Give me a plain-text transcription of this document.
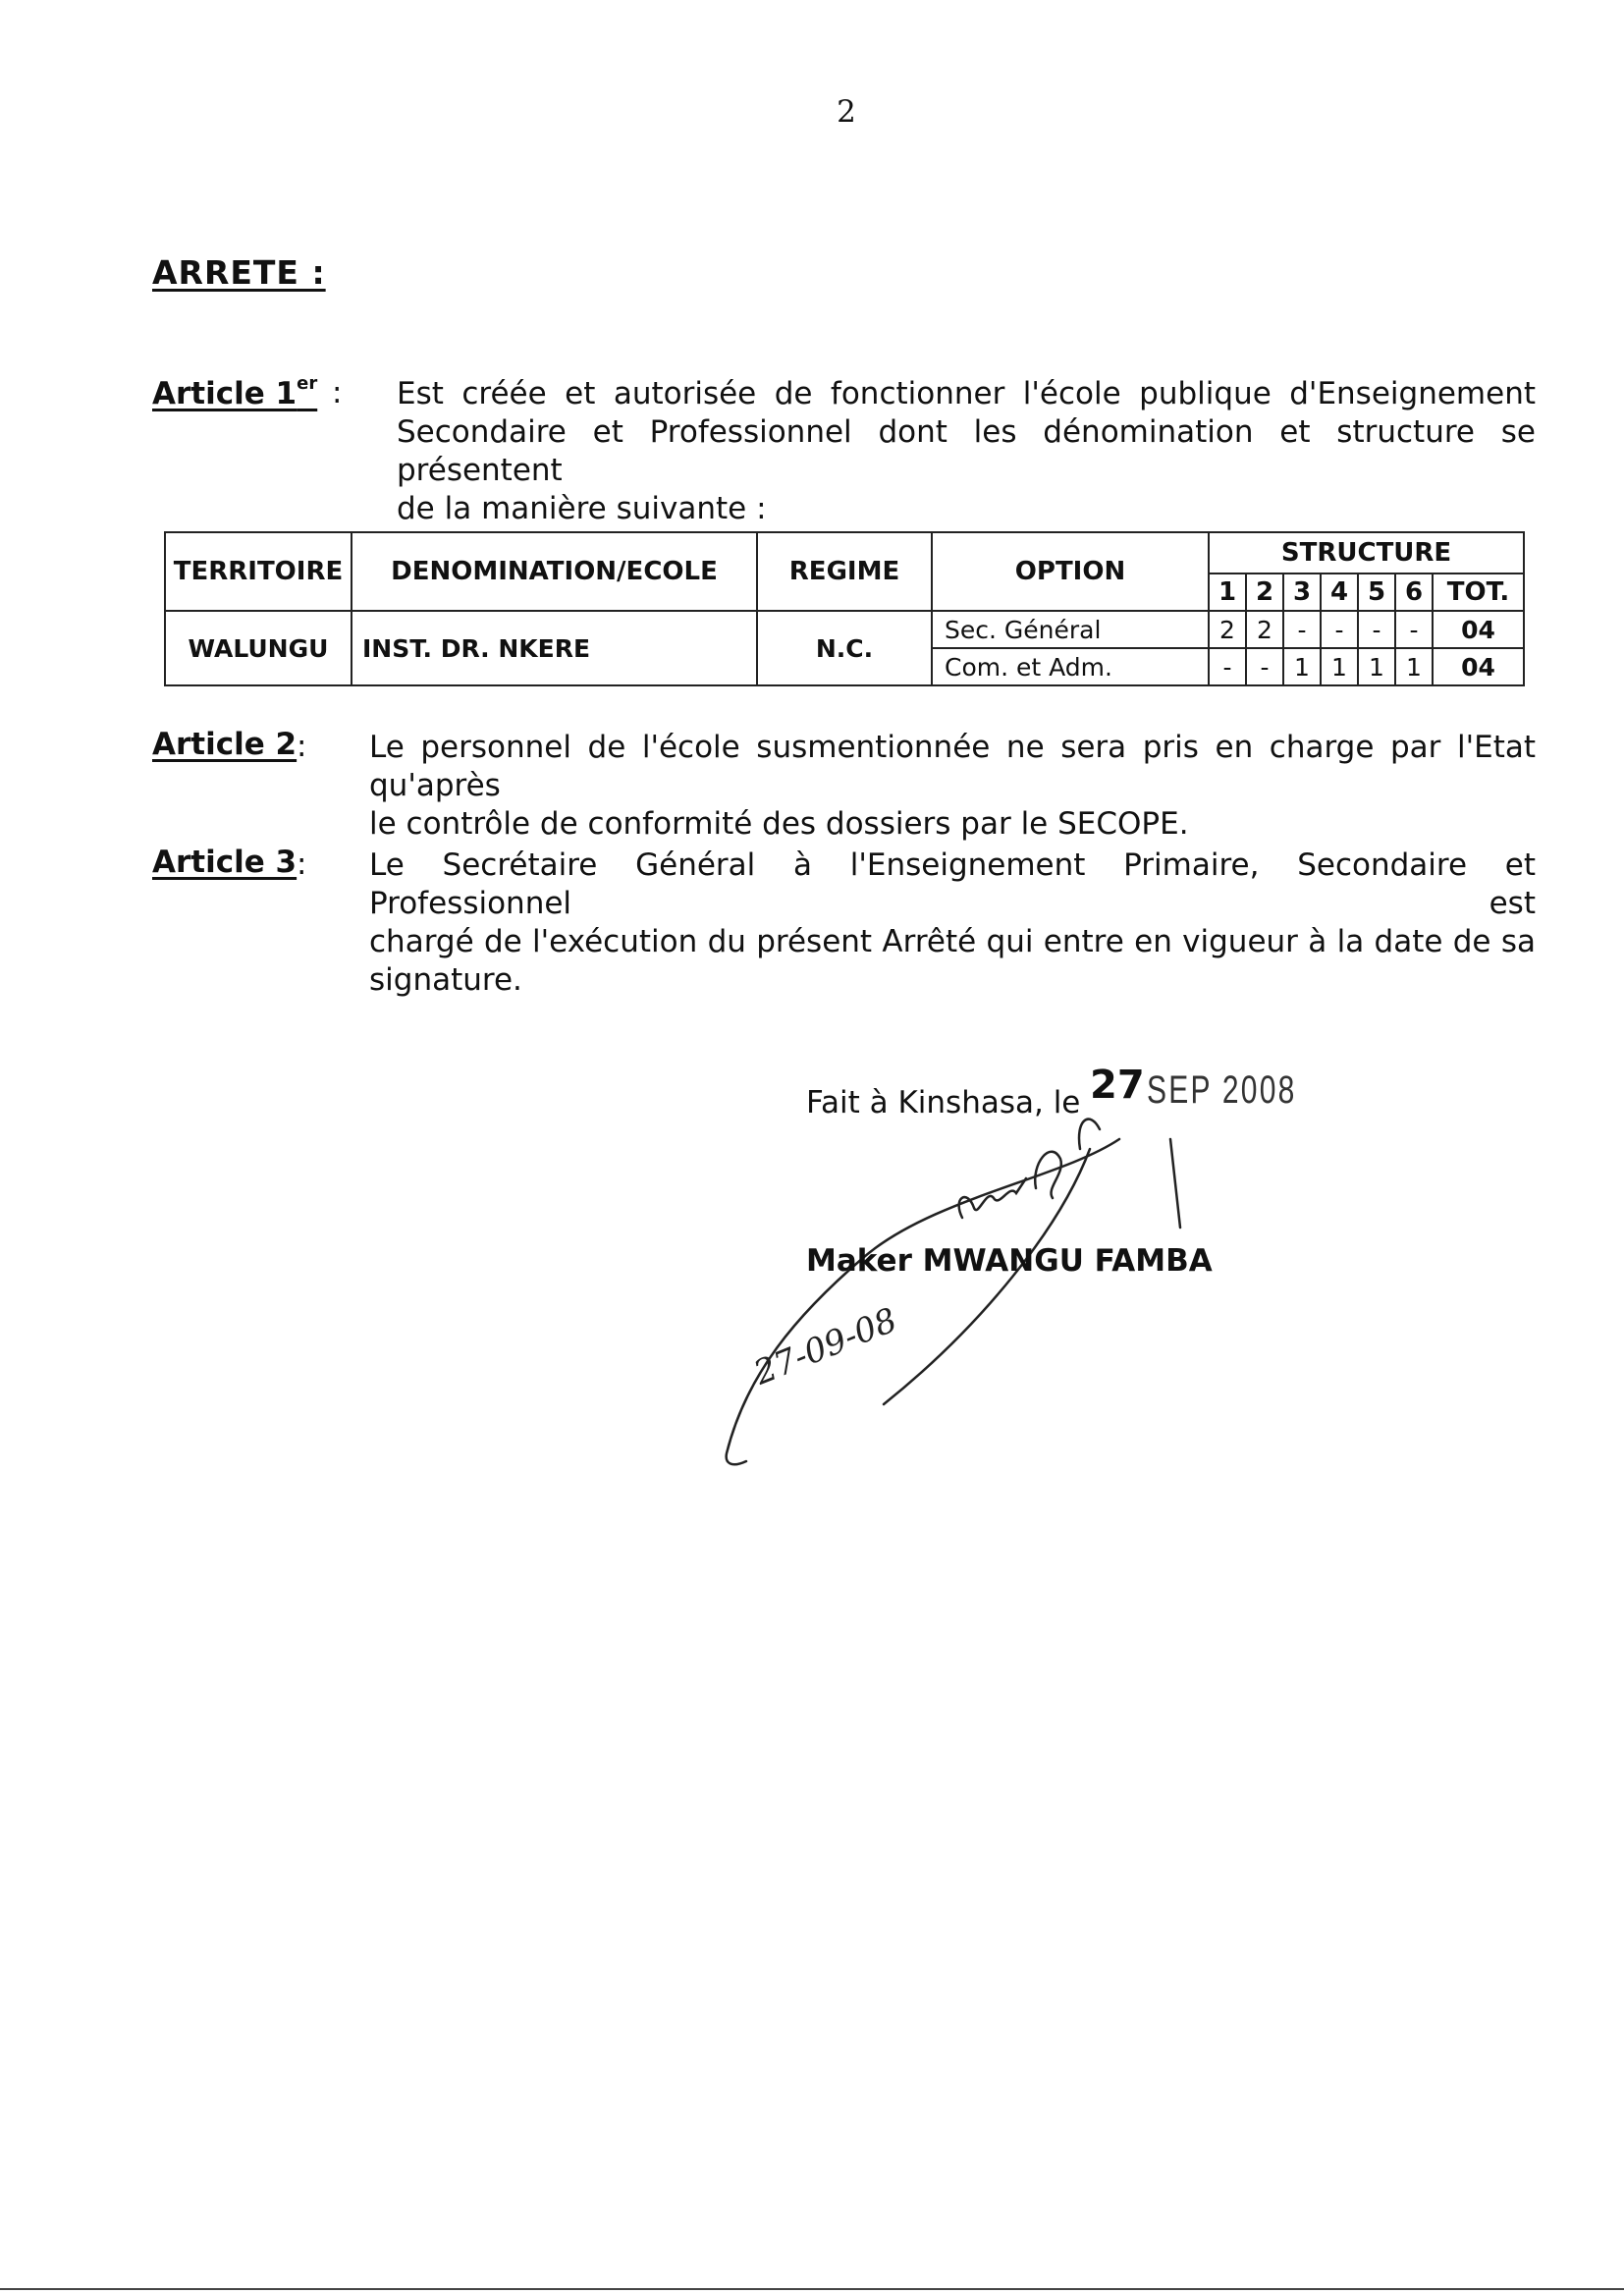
2
ARRETE :
Article 1er : Est créée et autorisée de fonctionner l'école publique d'Enseignement
Secondaire et Professionnel dont les dénomination et structure se présentent
de la manière suivante :
TERRITOIRE	DENOMINATION/ECOLE	REGIME	OPTION	STRUCTURE						
				1	2	3	4	5	6	TOT.
WALUNGU	INST. DR. NKERE	N.C.	Sec. Général	2	2	-	-	-	-	04
			Com. et Adm.	-	-	1	1	1	1	04
Article 2 : Le personnel de l'école susmentionnée ne sera pris en charge par l'Etat qu'après
le contrôle de conformité des dossiers par le SECOPE.
Article 3 : Le Secrétaire Général à l'Enseignement Primaire, Secondaire et Professionnel est
chargé de l'exécution du présent Arrêté qui entre en vigueur à la date de sa
signature.
Fait à Kinshasa, le 27 SEP 2008
27-09-08
Maker MWANGU FAMBA
